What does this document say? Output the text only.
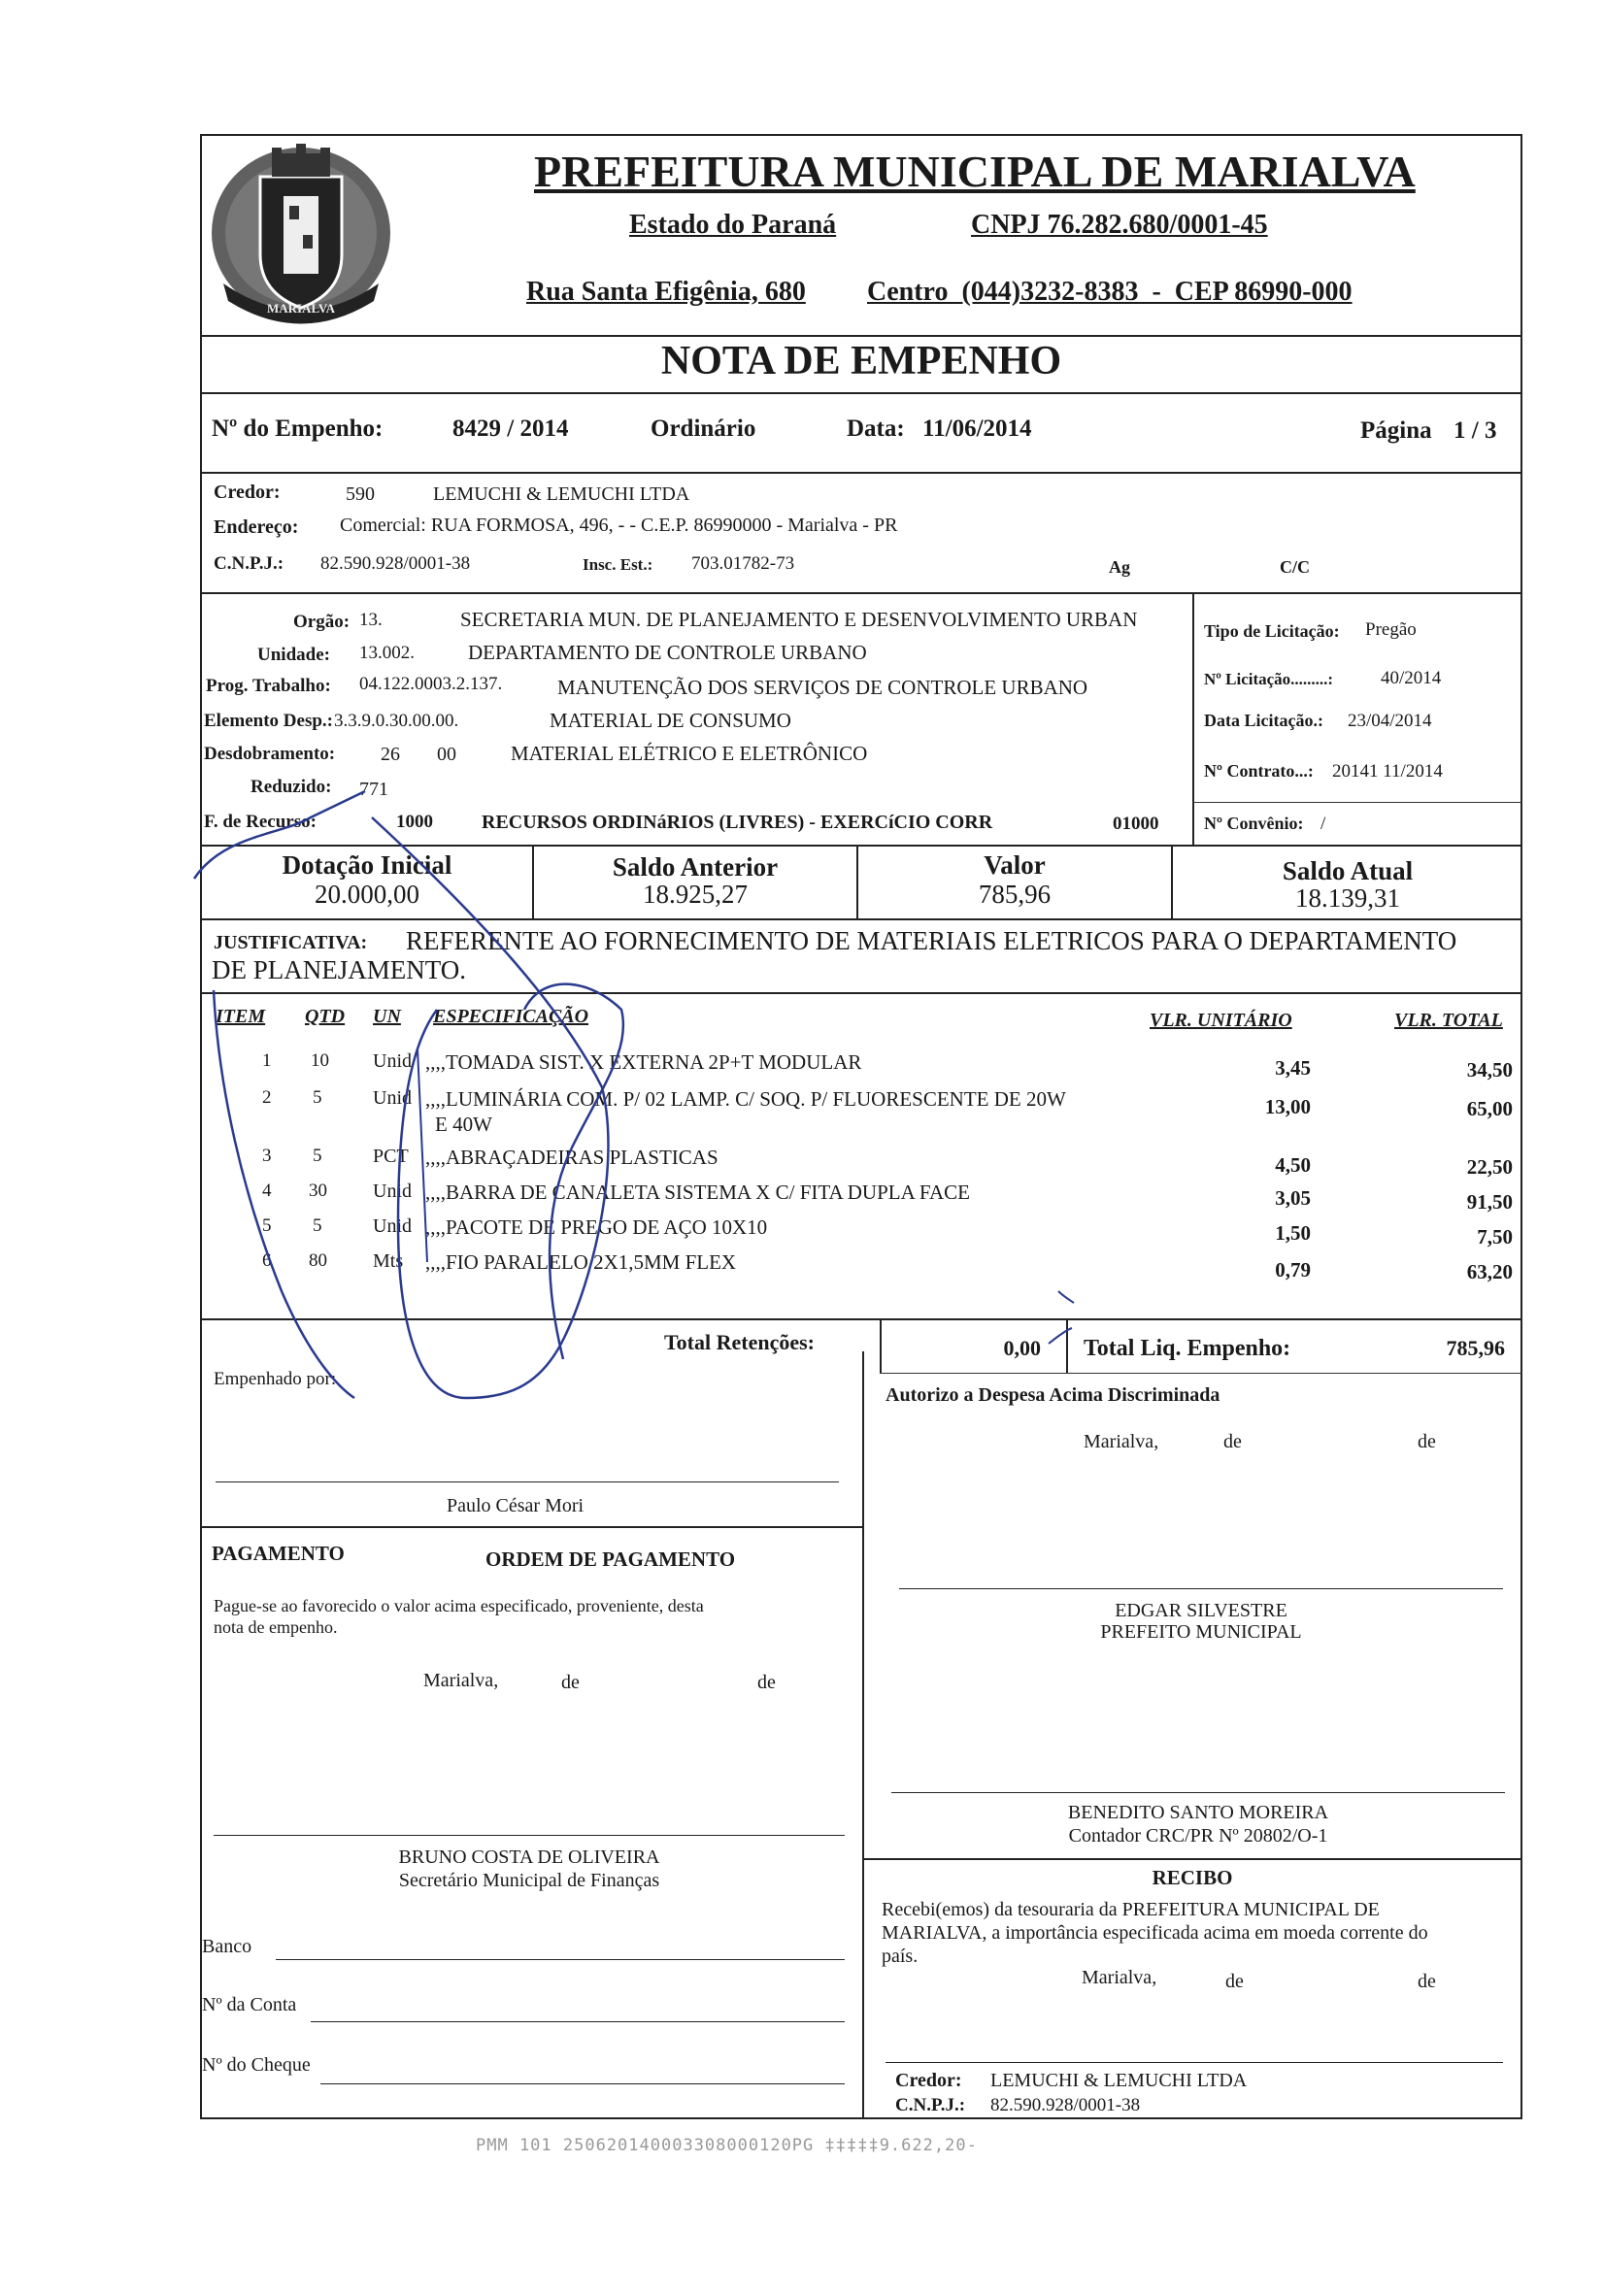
MARIALVA
PREFEITURA MUNICIPAL DE MARIALVA
Estado do Paraná	CNPJ 76.282.680/0001-45
Rua Santa Efigênia, 680 Centro  (044)3232-8383  -  CEP 86990-000
NOTA DE EMPENHO
Nº do Empenho:	8429 / 2014	Ordinário	Data: 11/06/2014	Página 1 / 3
Credor:	590	LEMUCHI & LEMUCHI LTDA
Endereço: Comercial: RUA FORMOSA, 496, - - C.E.P. 86990000 - Marialva - PR
C.N.P.J.: 82.590.928/0001-38	Insc. Est.: 703.01782-73	Ag	C/C
Orgão: 13.	SECRETARIA MUN. DE PLANEJAMENTO E DESENVOLVIMENTO URBAN
Unidade: 13.002.	DEPARTAMENTO DE CONTROLE URBANO
Prog. Trabalho: 04.122.0003.2.137.	MANUTENÇÃO DOS SERVIÇOS DE CONTROLE URBANO
Elemento Desp.: 3.3.9.0.30.00.00.	MATERIAL DE CONSUMO
Desdobramento: 26 00	MATERIAL ELÉTRICO E ELETRÔNICO
Reduzido: 771
F. de Recurso:	1000	RECURSOS ORDINáRIOS (LIVRES) - EXERCíCIO CORR	01000
Tipo de Licitação: Pregão
Nº Licitação.........:	40/2014
Data Licitação.: 23/04/2014
Nº Contrato...: 20141 11/2014
Nº Convênio: /
Dotação Inicial
20.000,00
Saldo Anterior
18.925,27
Valor
785,96
Saldo Atual
18.139,31
JUSTIFICATIVA: REFERENTE AO FORNECIMENTO DE MATERIAIS ELETRICOS PARA O DEPARTAMENTO
DE PLANEJAMENTO.
ITEM QTD UN ESPECIFICAÇÃO	VLR. UNITÁRIO	VLR. TOTAL
1 10 Unid ,,,,TOMADA SIST. X EXTERNA 2P+T MODULAR	3,45	34,50
2 5	Unid ,,,,LUMINÁRIA COM. P/ 02 LAMP. C/ SOQ. P/ FLUORESCENTE DE 20W
E 40W
13,00	65,00
3 5	PCT ,,,,ABRAÇADEIRAS PLASTICAS	4,50	22,50
4 30 Unid ,,,,BARRA DE CANALETA SISTEMA X C/ FITA DUPLA FACE	3,05	91,50
5 5	Unid ,,,,PACOTE DE PREGO DE AÇO 10X10	1,50	7,50
6 80 Mts ,,,,FIO PARALELO 2X1,5MM FLEX	0,79	63,20
Total Retenções:	0,00 Total Liq. Empenho:	785,96
Empenhado por:
Paulo César Mori
Autorizo a Despesa Acima Discriminada
Marialva,	de	de
PAGAMENTO	ORDEM DE PAGAMENTO
Pague-se ao favorecido o valor acima especificado, proveniente, desta
nota de empenho.
Marialva,	de	de
EDGAR SILVESTRE
PREFEITO MUNICIPAL
BENEDITO SANTO MOREIRA
Contador CRC/PR Nº 20802/O-1
RECIBO
Recebi(emos) da tesouraria da PREFEITURA MUNICIPAL DE
MARIALVA, a importância especificada acima em moeda corrente do
país.
Marialva,	de	de
BRUNO COSTA DE OLIVEIRA
Secretário Municipal de Finanças
Banco
Nº da Conta
Nº do Cheque
Credor: LEMUCHI & LEMUCHI LTDA
C.N.P.J.: 82.590.928/0001-38
PMM 101 250620140003308000120PG ‡‡‡‡‡9.622,20-
